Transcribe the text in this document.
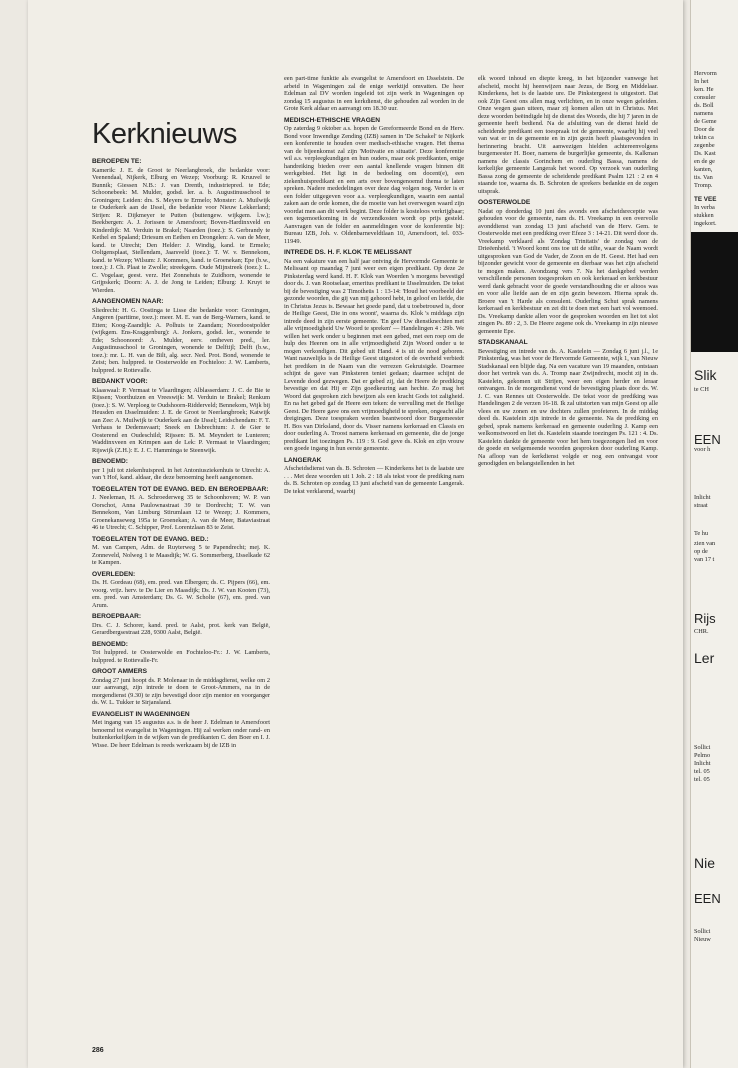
Kerknieuws
BEROEPEN TE:

Kamerik: J. E. de Groot te Neerlangbroek, die bedankte voor: Veenendaal, Nijkerk, Elburg en Wezep; Voorburg: R. Kruuvel te Bunnik; Giessen N.B.: J. van Drenth, industriepred. te Ede; Schoonebeek: M. Mulder, godsd. ler. a. b. Augustinusschool te Groningen; Leiden: drs. S. Meyers te Ermelo; Monster: A. Muilwijk te Ouderkerk aan de IJssel, die bedankte voor Nieuw Lekkerland; Strijen: R. Dijkmeyer te Putten (buitengew. wijkgem. l.w.); Beekbergen: A. J. Jorissen te Amersfoort; Boven-Hardinxveld en Kinderdijk: M. Verduin te Brakel; Naarden (toez.): S. Gerbrandy te Kethel en Spaland; Driesum en Eethen en Drongelen: A. van de Meer, kand. te Utrecht; Den Helder: J. Windig, kand. te Ermelo; Ooltgensplaat, Stellendam, Jaarsveld (toez.): T. W. v. Bennekom, kand. te Wezep; Wilsum: J. Kommers, kand. te Groenekan; Epe (b.w., toez.): J. Ch. Plaat te Zwolle; streekgem. Oude Mijnstreek (toez.): L. C. Vogelaar, geest. verz. Het Zonnehuis te Zuidhorn, wonende te Grijpskerk; Doorn: A. J. de Jong te Leiden; Elburg: J. Kruyt te Wierden.

AANGENOMEN NAAR:

Sliedrecht: H. G. Oostinga te Lisse die bedankte voor: Groningen, Angeren (parttime, toez.): meer. M. E. van de Berg-Warners, kand. te Etten; Koog-Zaandijk: A. Polhuis te Zaandam; Noordoostpolder (wijkgem. Ens-Kraggenburg): A. Jonkers, godsd. ler., wonende te Ede; Schoonoord: A. Mulder, eerv. ontheven pred., ler. Augustinusschool te Groningen, wonende te Delftijl; Delft (b.w., toez.): mr. L. H. van de Bilt, alg. secr. Ned. Prot. Bond, wonende te Zeist; ben. hulppred. te Oosterwolde en Fochteloo: J. W. Lamberts, hulppred. te Rottevalle.

BEDANKT VOOR:

Klaaswaal: P. Vermaat te Vlaardingen; Alblasserdam: J. C. de Bie te Rijssen; Voorthuizen en Vreeswijk: M. Verduin te Brakel; Renkum (toez.): S. W. Verploeg te Oudshoorn-Ridderveld; Bennekom, Wijk bij Heusden en IJsselmuiden: J. E. de Groot te Neerlangbroek; Katwijk aan Zee: A. Muilwijk te Ouderkerk aan de IJssel; Leidschendam: F. T. Verhaus te Dedemsvaart; Sneek en IJsbrechtum: J. de Gier te Oosterend en Oudeschild; Rijssen: B. M. Meyndert te Lunteren; Waddinxveen en Krimpen aan de Lek: P. Vermaat te Vlaardingen; Rijswijk (Z.H.): E. J. C. Hamminga te Steenwijk.

BENOEMD:

per 1 juli tot ziekenhuispred. in het Antoniusziekenhuis te Utrecht: A. van 't Hof, kand. aldaar, die deze benoeming heeft aangenomen.

TOEGELATEN TOT DE EVANG. BED. EN BEROEPBAAR:

J. Neeleman, H. A. Schroederweg 35 te Schoonhoven; W. P. van Oorschot, Anna Paulownastraat 39 te Dordrecht; T. W. van Bennekom, Van Limburg Stirumlaan 12 te Wezep; J. Kommers, Groenekanseweg 195a te Groenekan; A. van de Meer, Bataviastraat 46 te Utrecht; C. Schipper, Prof. Lorentzlaan 83 te Zeist.

TOEGELATEN TOT DE EVANG. BED.:

M. van Campen, Adm. de Ruyterweg 5 te Papendrecht; mej. K. Zonneveld, Nolweg 1 te Maasdijk; W. G. Sommerberg, IJsselkade 62 te Kampen.

OVERLEDEN:

Ds. H. Gordeau (68), em. pred. van Elbergen; ds. C. Pijpers (66), em. voorg. vrijz. herv. te De Lier en Maasdijk; Ds. J. W. van Kooten (73), em. pred. van Amsterdam; Ds. G. W. Scholte (67), em. pred. van Arum.

BEROEPBAAR:

Drs. C. J. Schorer, kand. pred. te Aalst, prot. kerk van België, Gerardbergsestraat 228, 9300 Aalst, België.

BENOEMD:

Tot hulppred. te Oosterwolde en Fochteloo-Fr.: J. W. Lamberts, hulppred. te Rottevalle-Fr.

GROOT AMMERS

Zondag 27 juni hoopt ds. P. Molenaar in de middagdienst, welke om 2 uur aanvangt, zijn intrede te doen te Groot-Ammers, na in de morgendienst (9.30) te zijn bevestigd door zijn mentor en voorganger ds. W. L. Tukker te Sirjansland.

EVANGELIST IN WAGENINGEN

Met ingang van 15 augustus a.s. is de heer J. Edelman te Amersfoort benoemd tot evangelist in Wageningen. Hij zal werken onder rand- en buitenkerkelijken in de wijken van de predikanten C. den Boer en I. J. Wisse. De heer Edelman is reeds werkzaam bij de IZB in

een part-time funktie als evangelist te Amersfoort en IJsselstein. De arbeid in Wageningen zal de enige werktijd omvatten. De heer Edelman zal DV worden ingeleid tot zijn werk in Wageningen op zondag 15 augustus in een kerkdienst, die gehouden zal worden in de Grote Kerk aldaar en aanvangt om 18.30 uur.

MEDISCH-ETHISCHE VRAGEN

Op zaterdag 9 oktober a.s. hopen de Gereformeerde Bond en de Herv. Bond voor Inwendige Zending (IZB) samen in 'De Schakel' te Nijkerk een konferentie te houden over medisch-ethische vragen. Het thema van de bijeenkomst zal zijn 'Motivatie en situatie'. Deze konferentie wil a.s. verpleegkundigen en hun ouders, maar ook predikanten, enige handreiking bieden over een aantal knellende vragen binnen dit werkgebied. Het ligt in de bedoeling om docent(e), een ziekenhuispredikant en een arts over bovengenoemd thema te laten spreken. Nadere mededelingen over deze dag volgen nog. Verder is er een folder uitgegeven voor a.s. verpleegkundigen, waarin een aantal zaken aan de orde komen, die de moeite van het overwegen waard zijn voordat men aan dit werk begint. Deze folder is kosteloos verkrijgbaar; een tegemoetkoming in de verzendkosten wordt op prijs gesteld. Aanvragen van de folder en aanmeldingen voor de konferentie bij: Bureau IZB, Joh. v. Oldenbarneveldtlaan 10, Amersfoort, tel. 033-11949.

INTREDE DS. H. F. KLOK TE MELISSANT

Na een vakature van een half jaar ontving de Hervormde Gemeente te Melissant op maandag 7 juni weer een eigen predikant. Op deze 2e Pinksterdag werd kand. H. F. Klok van Woerden 's morgens bevestigd door ds. J. van Rootselaar, emeritus predikant te IJsselmuiden. De tekst bij de bevestiging was 2 Timotheüs 1 : 13-14: 'Houd het voorbeeld der gezonde woorden, die gij van mij gehoord hebt, in geloof en liefde, die in Christus Jezus is. Bewaar het goede pand, dat u toebetrouwd is, door de Heilige Geest, Die in ons woont', waarna ds. Klok 's middags zijn intrede deed in zijn eerste gemeente. 'En geef Uw dienstknechten met alle vrijmoedigheid Uw Woord te spreken' — Handelingen 4 : 29b. We willen het werk onder u beginnen met een gebed, met een roep om de hulp des Heeren om in alle vrijmoedigheid Zijn Woord onder u te mogen verkondigen. Dit gebed uit Hand. 4 is uit de nood geboren. Want nauwelijks is de Heilige Geest uitgestort of de overheid verbiedt het prediken in de Naam van die verrezen Gekruisigde. Doarmee schijnt de gave van Pinksteren teniet gedaan; daarmee schijnt de Levende dood gezwegen. Dat er gebed zij, dat de Heere de prediking bevestige en dat Hij er Zijn goedkeuring aan hechte. Zo mag het Woord dat gesproken zich bewijzen als een kracht Gods tot zaligheid. En na het gebed gaf de Heere een teken: de vervulling met de Heilige Geest. De Heere gave ons een vrijmoedigheid te spreken, ongeacht alle dreigingen. Deze toespraken werden beantwoord door Burgemeester H. Bos van Dirksland, door ds. Visser namens kerkeraad en Classis en door ouderling A. Troost namens kerkeraad en gemeente, die de jonge predikant liet toezingen Ps. 119 : 9. God geve ds. Klok en zijn vrouw een goede ingang in hun eerste gemeente.

LANGERAK

Afscheidsdienst van ds. B. Schroten — Kinderkens het is de laatste ure . . . Met deze woorden uit 1 Joh. 2 : 18 als tekst voor de prediking nam ds. B. Schroten op zondag 13 juni afscheid van de gemeente Langerak. De tekst verklarend, waarbij

elk woord inhoud en diepte kreeg, in het bijzonder vanwege het afscheid, mocht hij heenwijzen naar Jezus, de Borg en Middelaar. Kinderkens, het is de laatste ure. De Pinkstergeest is uitgestort. Dat ook Zijn Geest ons allen mag verlichten, en in onze wegen geleiden. Onze wegen gaan uiteen, maar zij komen allen uit in Christus. Met deze woorden beëindigde hij de dienst des Woords, die hij 7 jaren in de gemeente heeft bediend. Na de afsluiting van de dienst hield de scheidende predikant een toespraak tot de gemeente, waarbij hij veel van wat er in de gemeente en in zijn gezin heeft plaatsgevonden in herinnering bracht. Uit aanwezigen hielden achtereenvolgens burgemeester H. Boer, namens de burgerlijke gemeente, ds. Kalkman namens de classis Gorinchem en ouderling Bassa, namens de kerkelijke gemeente Langerak het woord. Op verzoek van ouderling Bassa zong de gemeente de scheidende predikant Psalm 121 : 2 en 4 staande toe, waarna ds. B. Schroten de sprekers bedankte en de zegen uitsprak.

OOSTERWOLDE

Nadat op donderdag 10 juni des avonds een afscheidsreceptie was gehouden voor de gemeente, nam ds. H. Vreekamp in een overvolle avonddienst van zondag 13 juni afscheid van de Herv. Gem. te Oosterwolde met een prediking over Efeze 3 : 14-21. Dit werd door ds. Vreekamp verklaard als 'Zondag Trinitatis' de zondag van de Drieëenheid. 't Woord komt ons toe uit de stilte, waar de Naam wordt uitgesproken van God de Vader, de Zoon en de H. Geest. Het had een bijzonder gewicht voor de gemeente en dierbaar was het zijn afscheid te mogen maken. Avondzang vers 7. Na het dankgebed werden verschillende personen toegesproken en ook kerkeraad en kerkbestuur werd dank gebracht voor de goede verstandhouding die er altoos was en voor alle liefde aan de en zijn gezin bewezen. Hierna sprak ds. Broere van 't Harde als consulent. Ouderling Schut sprak namens kerkeraad en kerkbestuur en zei dit te doen met een hart vol weemoed. Ds. Vreekamp dankte allen voor de gesproken woorden en liet tot slot zingen Ps. 89 : 2, 3. De Heere zegene ook ds. Vreekamp in zijn nieuwe gemeente Epe.

STADSKANAAL

Bevestiging en intrede van ds. A. Kastelein — Zondag 6 juni j.l., 1e Pinksterdag, was het voor de Hervormde Gemeente, wijk 1, van Nieuw Stadskanaal een blijde dag. Na een vacature van 19 maanden, ontstaan door het vertrek van ds. A. Tromp naar Zwijndrecht, mocht zij in ds. Kastelein, gekomen uit Strijen, weer een eigen herder en leraar ontvangen. In de morgendienst vond de bevestiging plaats door ds. W. J. C. van Rennes uit Oosterwolde. De tekst voor de prediking was Handelingen 2 de verzen 16-18. Ik zal uitstorten van mijn Geest op alle vlees en uw zonen en uw dochters zullen profeteren. In de middag deed ds. Kastelein zijn intrede in de gemeente. Na de prediking en gebed, sprak namens kerkeraad en gemeente ouderling J. Kamp een welkomstwoord en liet ds. Kastelein staande toezingen Ps. 121 : 4. Ds. Kastelein dankte de gemeente voor het hem toegezongen lied en voor de goede en welgemeende woorden gesproken door ouderling Kamp. Na afloop van de kerkdienst volgde er nog een ontvangst voor genodigden en belangstellenden in het

286
Hervorm
In het
ken. He
consuler
ds. Boll
namens
de Geme
Door de
tekin ca
zegenbe
Ds. Kast
en de ge
kanten,
tis. Van
Tromp.
TE VEE
In verba
stukken
ingekort.
Slik
te CH
EEN
voor h
Inlicht
straat
Te hu
zien van
op de
van 17 t
Rijs
CHR.
Ler
Sollici
Pelmo
Inlicht
tel. 05
tel. 05
Nie
EEN
Sollici
Nieuw
